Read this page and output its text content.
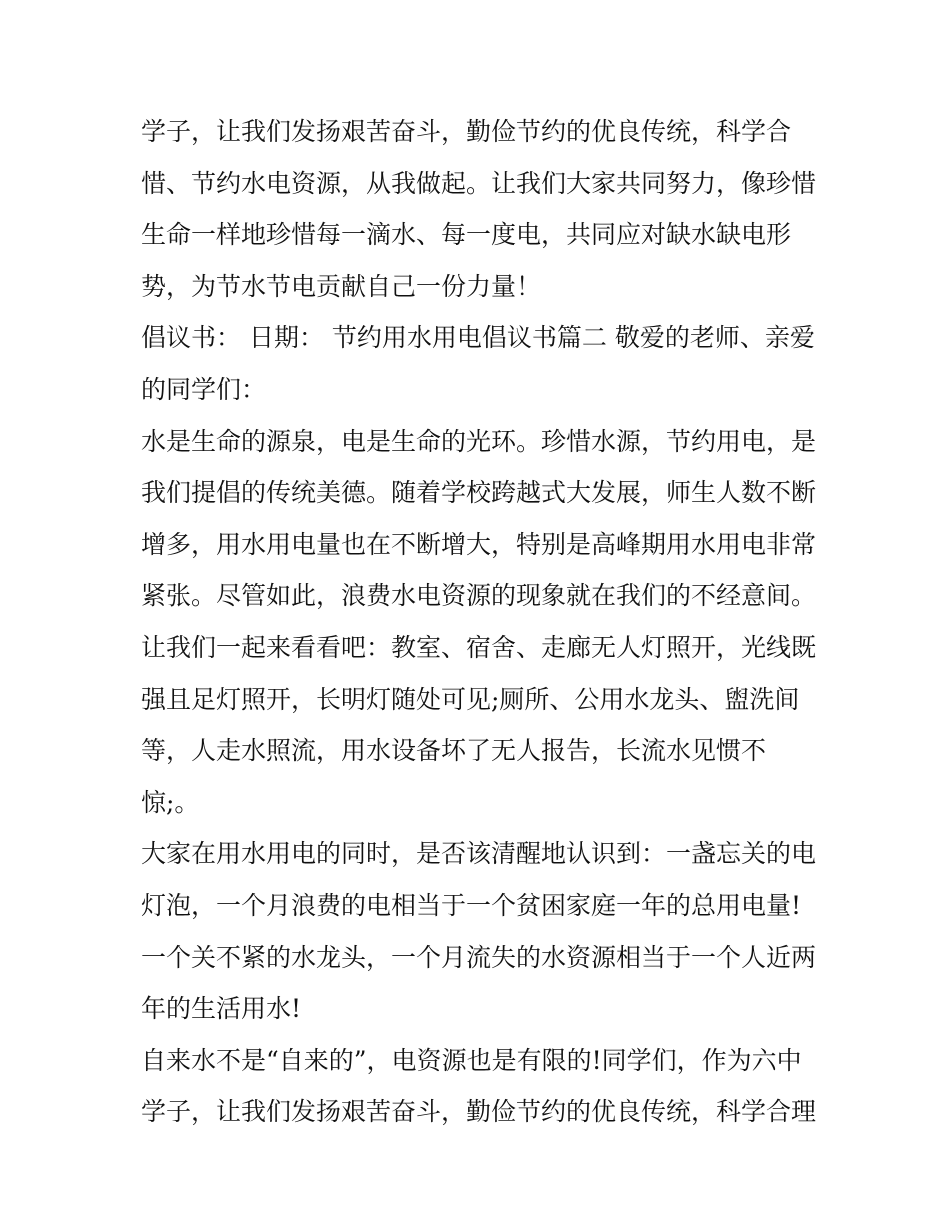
学子，让我们发扬艰苦奋斗，勤俭节约的优良传统，科学合
惜、节约水电资源，从我做起。让我们大家共同努力，像珍惜
生命一样地珍惜每一滴水、每一度电，共同应对缺水缺电形
势，为节水节电贡献自己一份力量！
倡议书： 日期： 节约用水用电倡议书篇二 敬爱的老师、亲爱
的同学们：
水是生命的源泉，电是生命的光环。珍惜水源，节约用电，是
我们提倡的传统美德。随着学校跨越式大发展，师生人数不断
增多，用水用电量也在不断增大，特别是高峰期用水用电非常
紧张。尽管如此，浪费水电资源的现象就在我们的不经意间。
让我们一起来看看吧：教室、宿舍、走廊无人灯照开，光线既
强且足灯照开，长明灯随处可见;厕所、公用水龙头、盥洗间
等，人走水照流，用水设备坏了无人报告，长流水见惯不
惊;。
大家在用水用电的同时，是否该清醒地认识到：一盏忘关的电
灯泡，一个月浪费的电相当于一个贫困家庭一年的总用电量!
一个关不紧的水龙头，一个月流失的水资源相当于一个人近两
年的生活用水!
自来水不是“自来的”，电资源也是有限的!同学们，作为六中
学子，让我们发扬艰苦奋斗，勤俭节约的优良传统，科学合理
